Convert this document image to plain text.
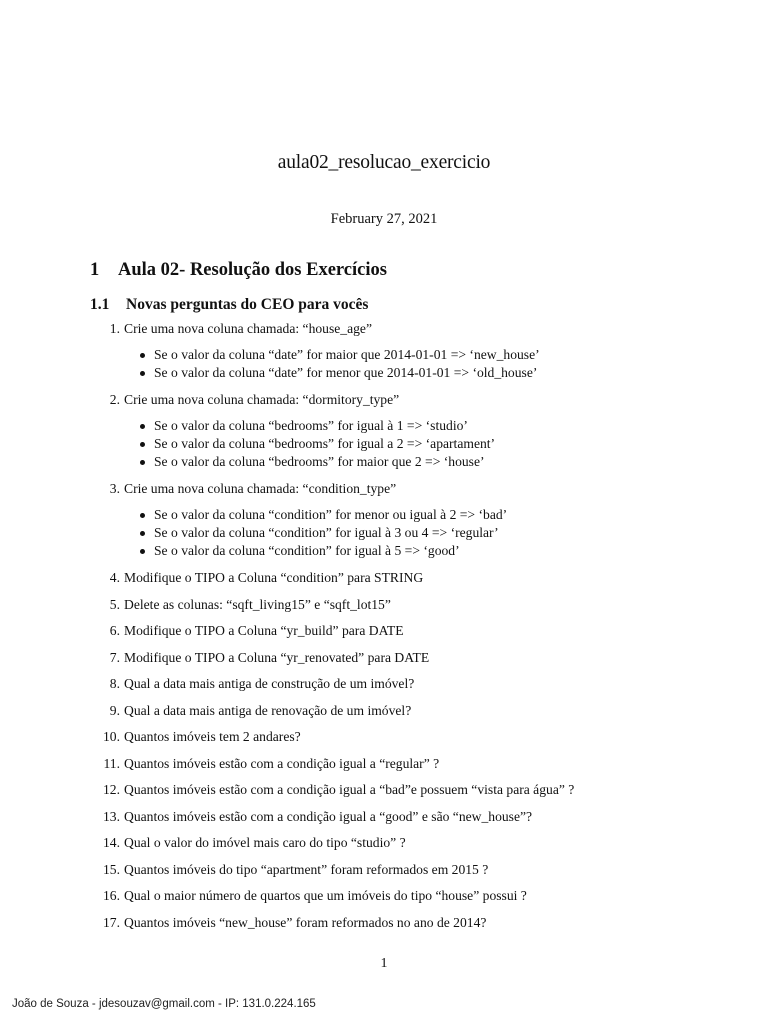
aula02_resolucao_exercicio
February 27, 2021
1 Aula 02- Resolução dos Exercícios
1.1 Novas perguntas do CEO para vocês
1. Crie uma nova coluna chamada: “house_age”
Se o valor da coluna “date” for maior que 2014-01-01 => ‘new_house’
Se o valor da coluna “date” for menor que 2014-01-01 => ‘old_house’
2. Crie uma nova coluna chamada: “dormitory_type”
Se o valor da coluna “bedrooms” for igual à 1 => ‘studio’
Se o valor da coluna “bedrooms” for igual a 2 => ‘apartament’
Se o valor da coluna “bedrooms” for maior que 2 => ‘house’
3. Crie uma nova coluna chamada: “condition_type”
Se o valor da coluna “condition” for menor ou igual à 2 => ‘bad’
Se o valor da coluna “condition” for igual à 3 ou 4 => ‘regular’
Se o valor da coluna “condition” for igual à 5 => ‘good’
4. Modifique o TIPO a Coluna “condition” para STRING
5. Delete as colunas: “sqft_living15” e “sqft_lot15”
6. Modifique o TIPO a Coluna “yr_build” para DATE
7. Modifique o TIPO a Coluna “yr_renovated” para DATE
8. Qual a data mais antiga de construção de um imóvel?
9. Qual a data mais antiga de renovação de um imóvel?
10. Quantos imóveis tem 2 andares?
11. Quantos imóveis estão com a condição igual a “regular” ?
12. Quantos imóveis estão com a condição igual a “bad”e possuem “vista para água” ?
13. Quantos imóveis estão com a condição igual a “good” e são “new_house”?
14. Qual o valor do imóvel mais caro do tipo “studio” ?
15. Quantos imóveis do tipo “apartment” foram reformados em 2015 ?
16. Qual o maior número de quartos que um imóveis do tipo “house” possui ?
17. Quantos imóveis “new_house” foram reformados no ano de 2014?
1
João de Souza - jdesouzav@gmail.com - IP: 131.0.224.165
